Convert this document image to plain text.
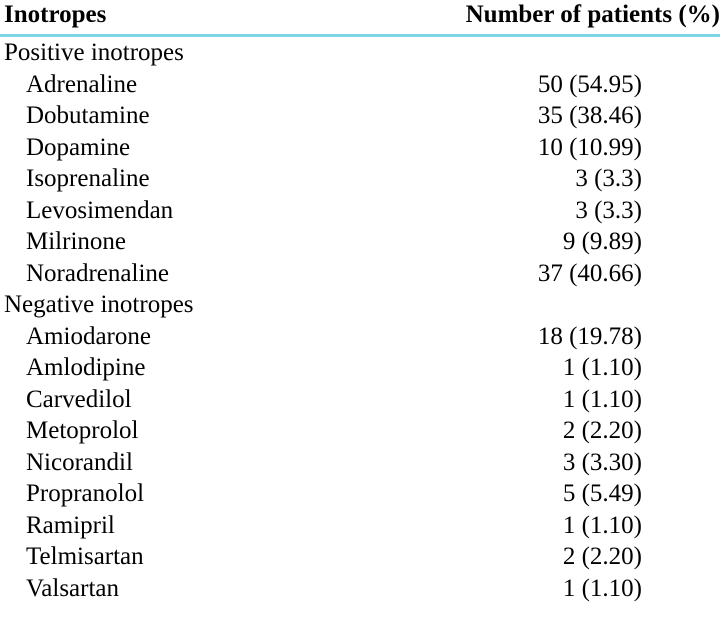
Inotropes	Number of patients (%)
Positive inotropes	
Adrenaline	50 (54.95)
Dobutamine	35 (38.46)
Dopamine	10 (10.99)
Isoprenaline	3 (3.3)
Levosimendan	3 (3.3)
Milrinone	9 (9.89)
Noradrenaline	37 (40.66)
Negative inotropes	
Amiodarone	18 (19.78)
Amlodipine	1 (1.10)
Carvedilol	1 (1.10)
Metoprolol	2 (2.20)
Nicorandil	3 (3.30)
Propranolol	5 (5.49)
Ramipril	1 (1.10)
Telmisartan	2 (2.20)
Valsartan	1 (1.10)
